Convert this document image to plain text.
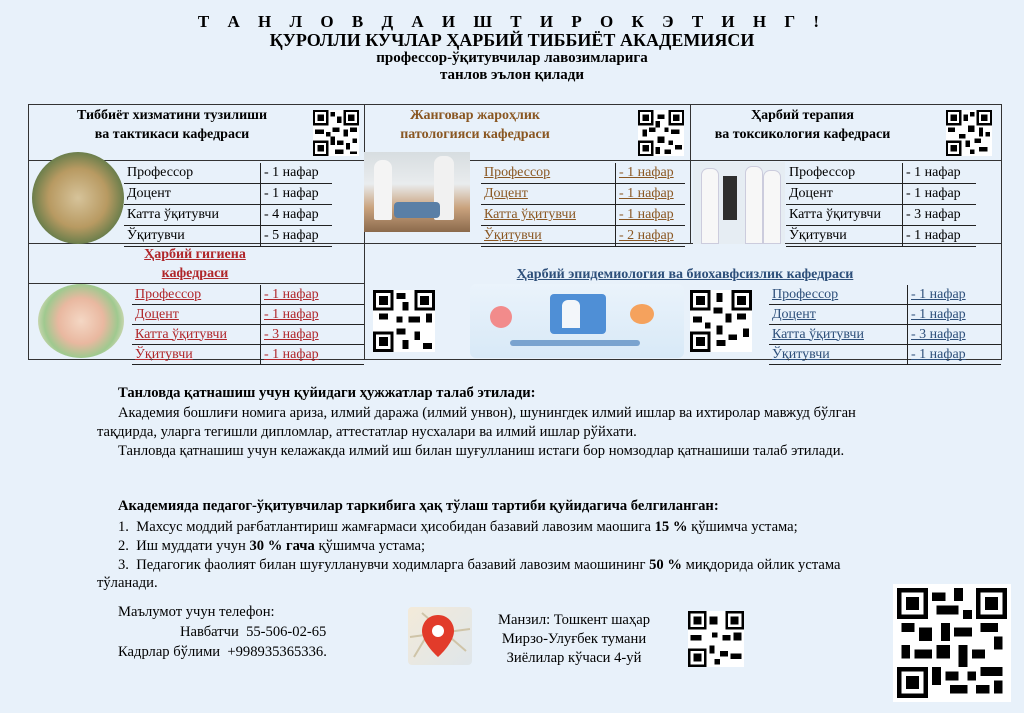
Т А Н Л О В Д А И Ш Т И Р О К Э Т И Н Г !
ҚУРОЛЛИ КУЧЛАР ҲАРБИЙ ТИББИЁТ АКАДЕМИЯСИ
профессор-ўқитувчилар лавозимларига
танлов эълон қилади
Тиббиёт хизматини тузилиши
ва тактикаси кафедраси
Профессор	- 1 нафар
Доцент	- 1 нафар
Катта ўқитувчи	- 4 нафар
Ўқитувчи	- 5 нафар
Жанговар жароҳлик
патологияси кафедраси
Профессор	- 1 нафар
Доцент	- 1 нафар
Катта ўқитувчи	- 1 нафар
Ўқитувчи	- 2 нафар
Ҳарбий терапия
ва токсикология кафедраси
Профессор	- 1 нафар
Доцент	- 1 нафар
Катта ўқитувчи	- 3 нафар
Ўқитувчи	- 1 нафар
Ҳарбий гигиена
кафедраси
Профессор	- 1 нафар
Доцент	- 1 нафар
Катта ўқитувчи	- 3 нафар
Ўқитувчи	- 1 нафар
Ҳарбий эпидемиология ва биохавфсизлик кафедраси
Профессор	- 1 нафар
Доцент	- 1 нафар
Катта ўқитувчи	- 3 нафар
Ўқитувчи	- 1 нафар
Танловда қатнашиш учун қуйидаги ҳужжатлар талаб этилади:
Академия бошлиғи номига ариза, илмий даража (илмий унвон), шунингдек илмий ишлар ва ихтиролар мавжуд бўлган
тақдирда, уларга тегишли дипломлар, аттестатлар нусхалари ва илмий ишлар рўйхати.
Танловда қатнашиш учун келажакда илмий иш билан шуғулланиш истаги бор номзодлар қатнашиши талаб этилади.
Академияда педагог-ўқитувчилар таркибига ҳақ тўлаш тартиби қуйидагича белгиланган:
1. Махсус моддий рағбатлантириш жамғармаси ҳисобидан базавий лавозим маошига 15 % қўшимча устама;
2. Иш муддати учун 30 % гача қўшимча устама;
3. Педагогик фаолият билан шуғулланувчи ходимларга базавий лавозим маошининг 50 % миқдорида ойлик устама
тўланади.
Маълумот учун телефон:
Навбатчи  55-506-02-65
Кадрлар бўлими  +998935365336.
Манзил: Тошкент шаҳар
Мирзо-Улуғбек тумани
Зиёлилар кўчаси 4-уй
